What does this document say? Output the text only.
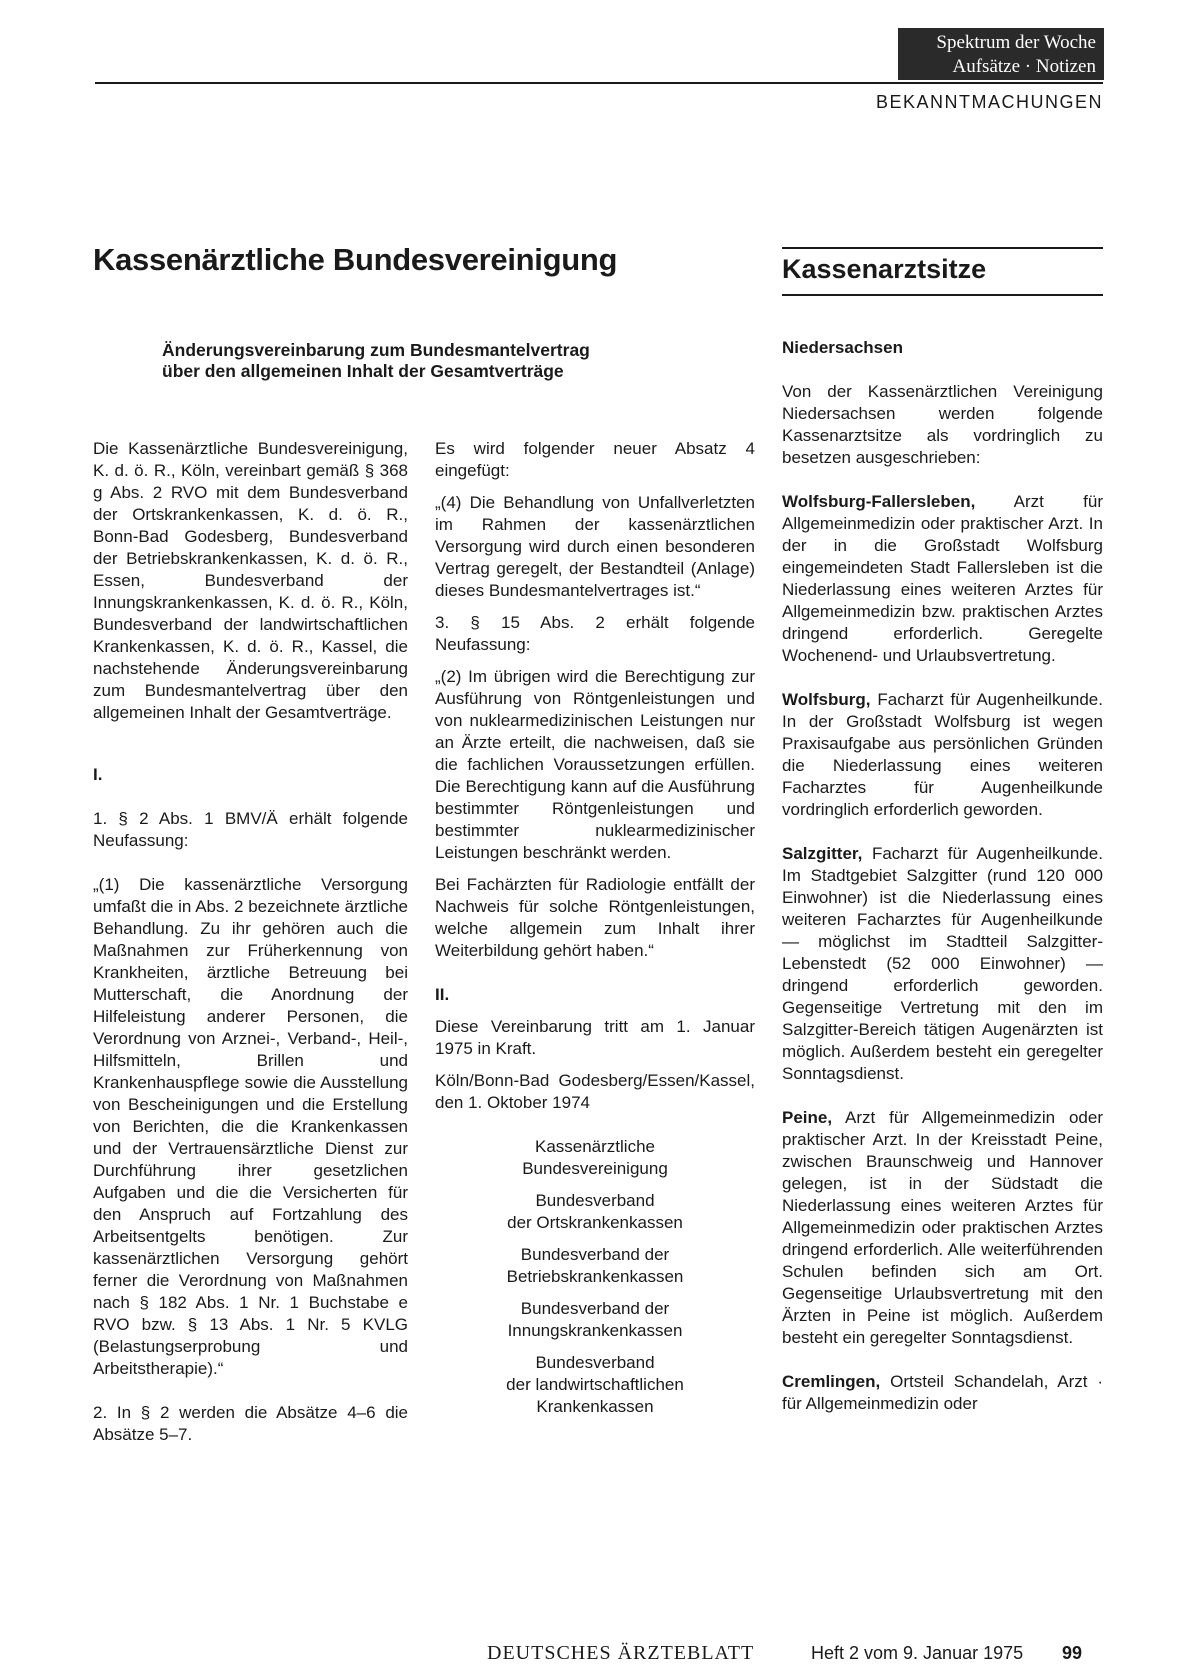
Spektrum der Woche
Aufsätze · Notizen
BEKANNTMACHUNGEN
Kassenärztliche Bundesvereinigung	Kassenarztsitze
Änderungsvereinbarung zum Bundesmantelvertrag
über den allgemeinen Inhalt der Gesamtverträge

Die Kassenärztliche Bundesvereinigung, K. d. ö. R., Köln, vereinbart gemäß § 368 g Abs. 2 RVO mit dem Bundesverband der Ortskrankenkassen, K. d. ö. R., Bonn-Bad Godesberg, Bundesverband der Betriebskrankenkassen, K. d. ö. R., Essen, Bundesverband der Innungskrankenkassen, K. d. ö. R., Köln, Bundesverband der landwirtschaftlichen Krankenkassen, K. d. ö. R., Kassel, die nachstehende Änderungsvereinbarung zum Bundesmantelvertrag über den allgemeinen Inhalt der Gesamtverträge.

I.

1. § 2 Abs. 1 BMV/Ä erhält folgende Neufassung:

„(1) Die kassenärztliche Versorgung umfaßt die in Abs. 2 bezeichnete ärztliche Behandlung. Zu ihr gehören auch die Maßnahmen zur Früherkennung von Krankheiten, ärztliche Betreuung bei Mutterschaft, die Anordnung der Hilfeleistung anderer Personen, die Verordnung von Arznei-, Verband-, Heil-, Hilfsmitteln, Brillen und Krankenhauspflege sowie die Ausstellung von Bescheinigungen und die Erstellung von Berichten, die die Krankenkassen und der Vertrauensärztliche Dienst zur Durchführung ihrer gesetzlichen Aufgaben und die die Versicherten für den Anspruch auf Fortzahlung des Arbeitsentgelts benötigen. Zur kassenärztlichen Versorgung gehört ferner die Verordnung von Maßnahmen nach § 182 Abs. 1 Nr. 1 Buchstabe e RVO bzw. § 13 Abs. 1 Nr. 5 KVLG (Belastungserprobung und Arbeitstherapie).“

2. In § 2 werden die Absätze 4–6 die Absätze 5–7.

Es wird folgender neuer Absatz 4 eingefügt:

„(4) Die Behandlung von Unfallverletzten im Rahmen der kassenärztlichen Versorgung wird durch einen besonderen Vertrag geregelt, der Bestandteil (Anlage) dieses Bundesmantelvertrages ist.“

3. § 15 Abs. 2 erhält folgende Neufassung:

„(2) Im übrigen wird die Berechtigung zur Ausführung von Röntgenleistungen und von nuklearmedizinischen Leistungen nur an Ärzte erteilt, die nachweisen, daß sie die fachlichen Voraussetzungen erfüllen. Die Berechtigung kann auf die Ausführung bestimmter Röntgenleistungen und bestimmter nuklearmedizinischer Leistungen beschränkt werden.

Bei Fachärzten für Radiologie entfällt der Nachweis für solche Röntgenleistungen, welche allgemein zum Inhalt ihrer Weiterbildung gehört haben.“

II.

Diese Vereinbarung tritt am 1. Januar 1975 in Kraft.

Köln/Bonn-Bad Godesberg/Essen/Kassel, den 1. Oktober 1974

Kassenärztliche

Bundesvereinigung

Bundesverband

der Ortskrankenkassen

Bundesverband der

Betriebskrankenkassen

Bundesverband der

Innungskrankenkassen

Bundesverband

der landwirtschaftlichen

Krankenkassen

Niedersachsen

Von der Kassenärztlichen Vereinigung Niedersachsen werden folgende Kassenarztsitze als vordringlich zu besetzen ausgeschrieben:

Wolfsburg-Fallersleben, Arzt für Allgemeinmedizin oder praktischer Arzt. In der in die Großstadt Wolfsburg eingemeindeten Stadt Fallersleben ist die Niederlassung eines weiteren Arztes für Allgemeinmedizin bzw. praktischen Arztes dringend erforderlich. Geregelte Wochenend- und Urlaubsvertretung.

Wolfsburg, Facharzt für Augenheilkunde. In der Großstadt Wolfsburg ist wegen Praxisaufgabe aus persönlichen Gründen die Niederlassung eines weiteren Facharztes für Augenheilkunde vordringlich erforderlich geworden.

Salzgitter, Facharzt für Augenheilkunde. Im Stadtgebiet Salzgitter (rund 120 000 Einwohner) ist die Niederlassung eines weiteren Facharztes für Augenheilkunde — möglichst im Stadtteil Salzgitter-Lebenstedt (52 000 Einwohner) — dringend erforderlich geworden. Gegenseitige Vertretung mit den im Salzgitter-Bereich tätigen Augenärzten ist möglich. Außerdem besteht ein geregelter Sonntagsdienst.

Peine, Arzt für Allgemeinmedizin oder praktischer Arzt. In der Kreisstadt Peine, zwischen Braunschweig und Hannover gelegen, ist in der Südstadt die Niederlassung eines weiteren Arztes für Allgemeinmedizin oder praktischen Arztes dringend erforderlich. Alle weiterführenden Schulen befinden sich am Ort. Gegenseitige Urlaubsvertretung mit den Ärzten in Peine ist möglich. Außerdem besteht ein geregelter Sonntagsdienst.

Cremlingen, Ortsteil Schandelah, Arzt · für Allgemeinmedizin oder

DEUTSCHES ÄRZTEBLATT	Heft 2 vom 9. Januar 1975 99
